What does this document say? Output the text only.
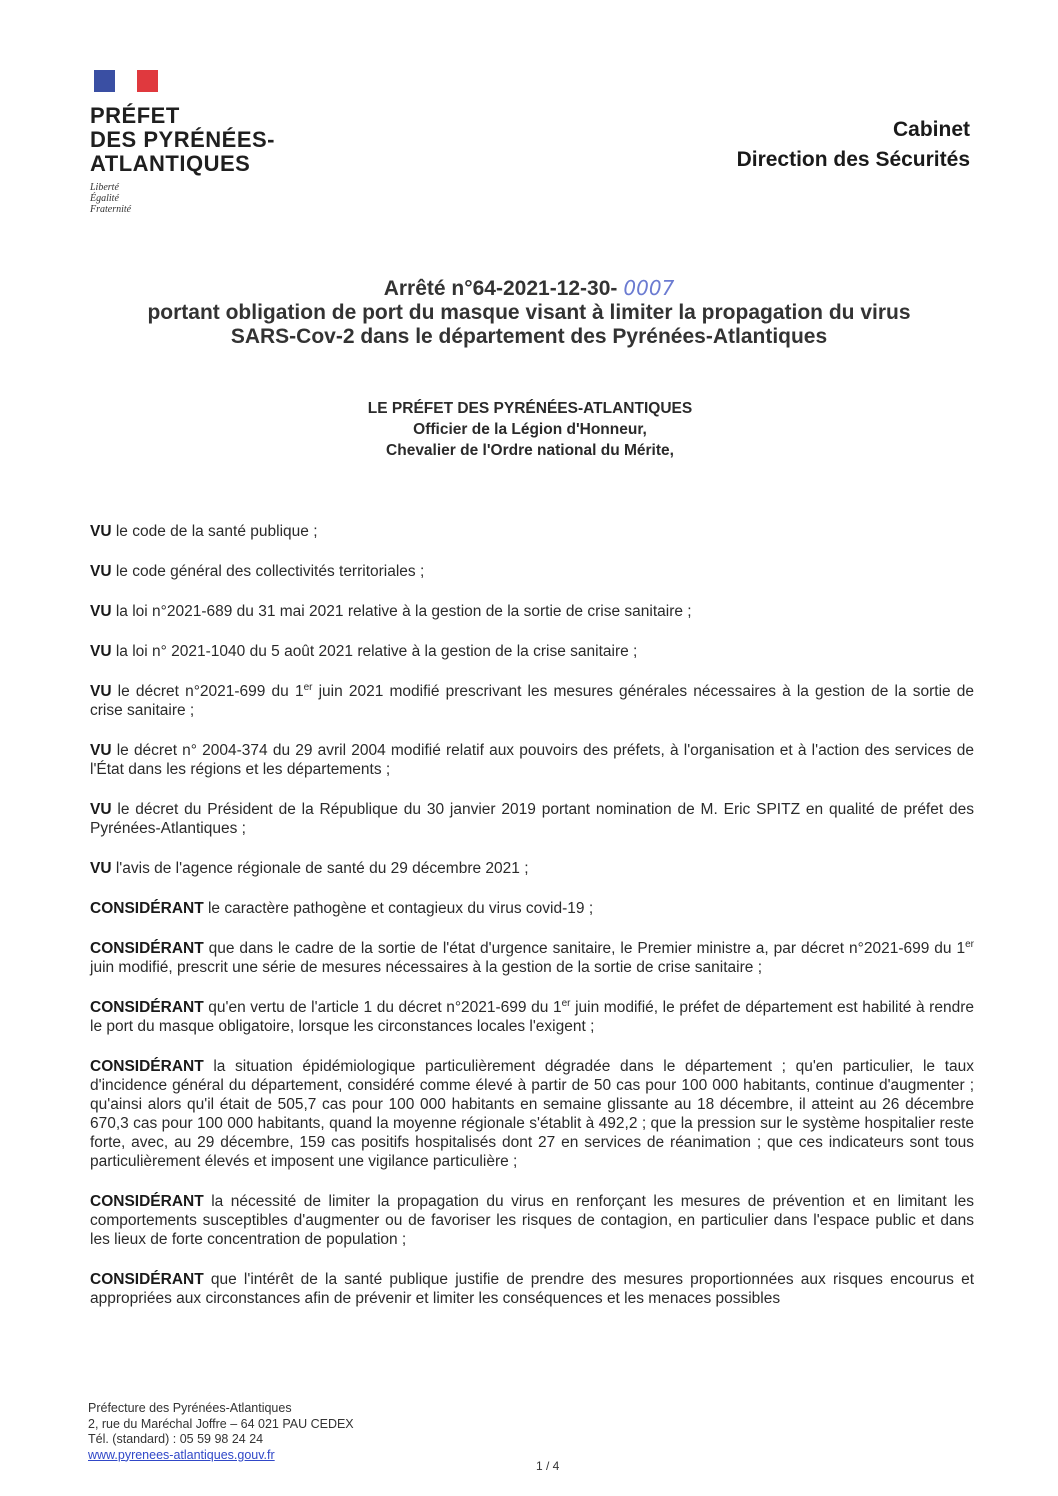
PRÉFET
DES PYRÉNÉES-
ATLANTIQUES
Liberté
Égalité
Fraternité
Cabinet
Direction des Sécurités
Arrêté n°64-2021-12-30- 0007
portant obligation de port du masque visant à limiter la propagation du virus
SARS-Cov-2 dans le département des Pyrénées-Atlantiques
LE PRÉFET DES PYRÉNÉES-ATLANTIQUES
Officier de la Légion d'Honneur,
Chevalier de l'Ordre national du Mérite,
VU le code de la santé publique ;
VU le code général des collectivités territoriales ;
VU la loi n°2021-689 du 31 mai 2021 relative à la gestion de la sortie de crise sanitaire ;
VU la loi n° 2021-1040 du 5 août 2021 relative à la gestion de la crise sanitaire ;
VU le décret n°2021-699 du 1er juin 2021 modifié prescrivant les mesures générales nécessaires à la gestion de la sortie de crise sanitaire ;
VU le décret n° 2004-374 du 29 avril 2004 modifié relatif aux pouvoirs des préfets, à l'organisation et à l'action des services de l'État dans les régions et les départements ;
VU le décret du Président de la République du 30 janvier 2019 portant nomination de M. Eric SPITZ en qualité de préfet des Pyrénées-Atlantiques ;
VU l'avis de l'agence régionale de santé du 29 décembre 2021 ;
CONSIDÉRANT le caractère pathogène et contagieux du virus covid-19 ;
CONSIDÉRANT que dans le cadre de la sortie de l'état d'urgence sanitaire, le Premier ministre a, par décret n°2021-699 du 1er juin modifié, prescrit une série de mesures nécessaires à la gestion de la sortie de crise sanitaire ;
CONSIDÉRANT qu'en vertu de l'article 1 du décret n°2021-699 du 1er juin modifié, le préfet de département est habilité à rendre le port du masque obligatoire, lorsque les circonstances locales l'exigent ;
CONSIDÉRANT la situation épidémiologique particulièrement dégradée dans le département ; qu'en particulier, le taux d'incidence général du département, considéré comme élevé à partir de 50 cas pour 100 000 habitants, continue d'augmenter ; qu'ainsi alors qu'il était de 505,7 cas pour 100 000 habitants en semaine glissante au 18 décembre, il atteint au 26 décembre 670,3 cas pour 100 000 habitants, quand la moyenne régionale s'établit à 492,2 ; que la pression sur le système hospitalier reste forte, avec, au 29 décembre, 159 cas positifs hospitalisés dont 27 en services de réanimation ; que ces indicateurs sont tous particulièrement élevés et imposent une vigilance particulière ;
CONSIDÉRANT la nécessité de limiter la propagation du virus en renforçant les mesures de prévention et en limitant les comportements susceptibles d'augmenter ou de favoriser les risques de contagion, en particulier dans l'espace public et dans les lieux de forte concentration de population ;
CONSIDÉRANT que l'intérêt de la santé publique justifie de prendre des mesures proportionnées aux risques encourus et appropriées aux circonstances afin de prévenir et limiter les conséquences et les menaces possibles
Préfecture des Pyrénées-Atlantiques
2, rue du Maréchal Joffre – 64 021 PAU CEDEX
Tél. (standard) : 05 59 98 24 24
www.pyrenees-atlantiques.gouv.fr
1 / 4
